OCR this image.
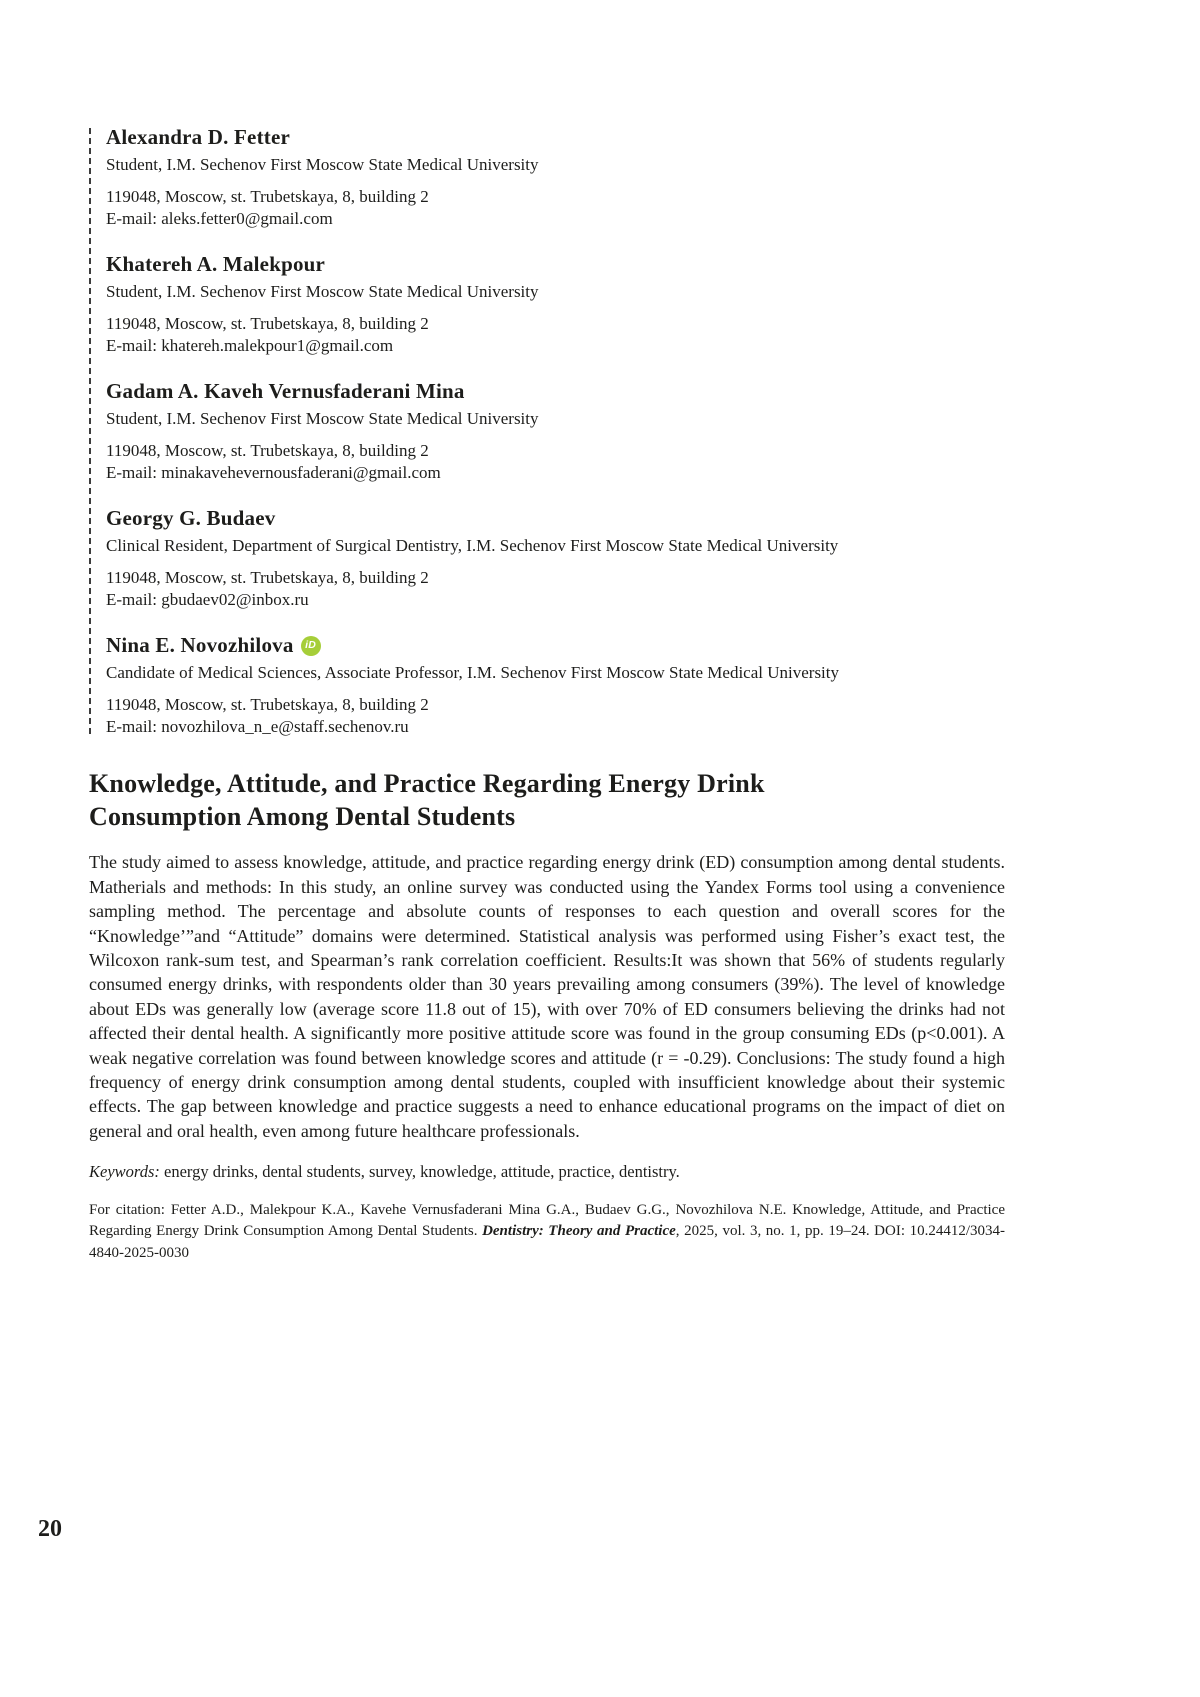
Alexandra D. Fetter
Student, I.M. Sechenov First Moscow State Medical University
119048, Moscow, st. Trubetskaya, 8, building 2
E-mail: aleks.fetter0@gmail.com
Khatereh A. Malekpour
Student, I.M. Sechenov First Moscow State Medical University
119048, Moscow, st. Trubetskaya, 8, building 2
E-mail: khatereh.malekpour1@gmail.com
Gadam A. Kaveh Vernusfaderani Mina
Student, I.M. Sechenov First Moscow State Medical University
119048, Moscow, st. Trubetskaya, 8, building 2
E-mail: minakavehevernousfaderani@gmail.com
Georgy G. Budaev
Clinical Resident, Department of Surgical Dentistry, I.M. Sechenov First Moscow State Medical University
119048, Moscow, st. Trubetskaya, 8, building 2
E-mail: gbudaev02@inbox.ru
Nina E. Novozhilova	iD
Candidate of Medical Sciences, Associate Professor, I.M. Sechenov First Moscow State Medical University
119048, Moscow, st. Trubetskaya, 8, building 2
E-mail: novozhilova_n_e@staff.sechenov.ru
Knowledge, Attitude, and Practice Regarding Energy Drink
Consumption Among Dental Students

The study aimed to assess knowledge, attitude, and practice regarding energy drink (ED) consumption among dental students. Matherials and methods: In this study, an online survey was conducted using the Yandex Forms tool using a convenience sampling method. The percentage and absolute counts of responses to each question and overall scores for the “Knowledge’”and “Attitude” domains were determined. Statistical analysis was performed using Fisher’s exact test, the Wilcoxon rank-sum test, and Spearman’s rank correlation coefficient. Results:It was shown that 56% of students regularly consumed energy drinks, with respondents older than 30 years prevailing among consumers (39%). The level of knowledge about EDs was generally low (average score 11.8 out of 15), with over 70% of ED consumers believing the drinks had not affected their dental health. A significantly more positive attitude score was found in the group consuming EDs (p<0.001). A weak negative correlation was found between knowledge scores and attitude (r = -0.29). Conclusions: The study found a high frequency of energy drink consumption among dental students, coupled with insufficient knowledge about their systemic effects. The gap between knowledge and practice suggests a need to enhance educational programs on the impact of diet on general and oral health, even among future healthcare professionals.

Keywords: energy drinks, dental students, survey, knowledge, attitude, practice, dentistry.

For citation: Fetter A.D., Malekpour K.A., Kavehe Vernusfaderani Mina G.A., Budaev G.G., Novozhilova N.E. Knowledge, Attitude, and Practice Regarding Energy Drink Consumption Among Dental Students. Dentistry: Theory and Practice, 2025, vol. 3, no. 1, pp. 19–24. DOI: 10.24412/3034-4840-2025-0030

20
